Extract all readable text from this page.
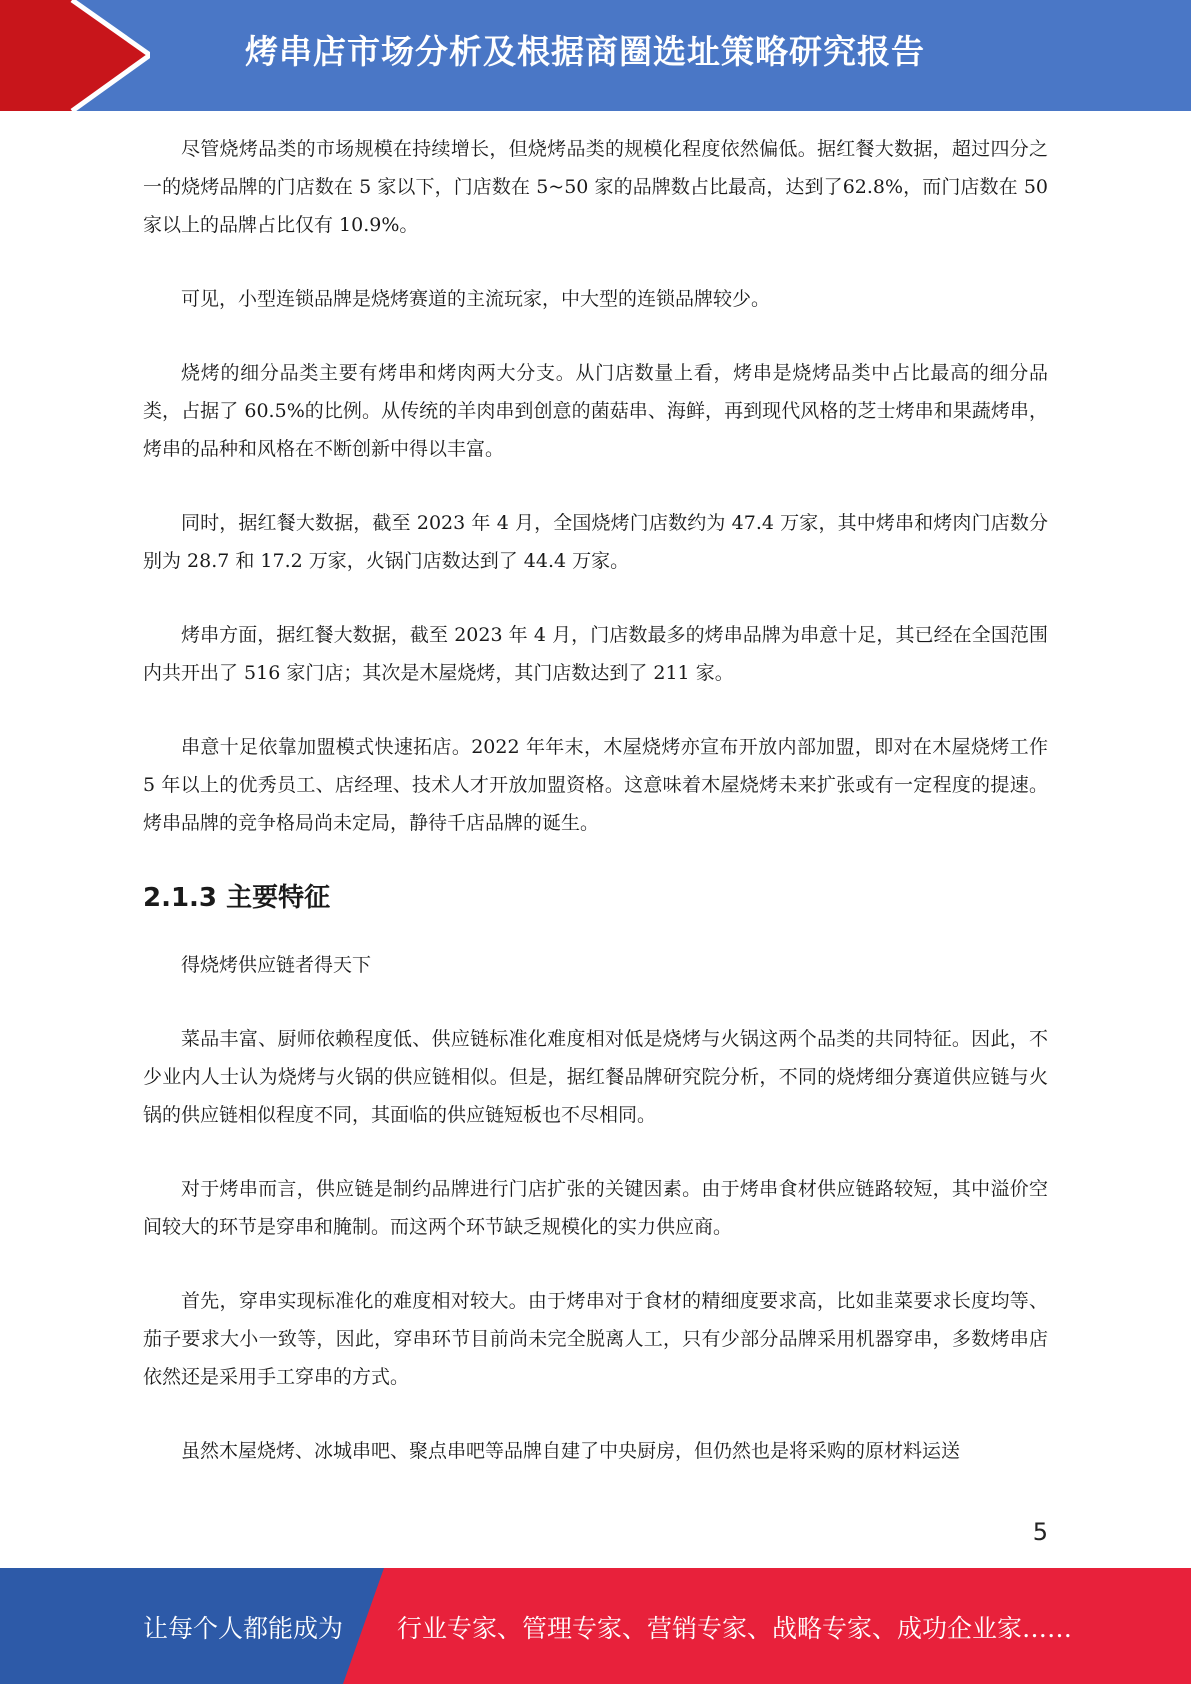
烤串店市场分析及根据商圈选址策略研究报告

尽管烧烤品类的市场规模在持续增长，但烧烤品类的规模化程度依然偏低。据红餐大数据，超过四分之一的烧烤品牌的门店数在 5 家以下，门店数在 5~50 家的品牌数占比最高，达到了62.8%，而门店数在 50 家以上的品牌占比仅有 10.9%。

可见，小型连锁品牌是烧烤赛道的主流玩家，中大型的连锁品牌较少。

烧烤的细分品类主要有烤串和烤肉两大分支。从门店数量上看，烤串是烧烤品类中占比最高的细分品类，占据了 60.5%的比例。从传统的羊肉串到创意的菌菇串、海鲜，再到现代风格的芝士烤串和果蔬烤串，烤串的品种和风格在不断创新中得以丰富。

同时，据红餐大数据，截至 2023 年 4 月，全国烧烤门店数约为 47.4 万家，其中烤串和烤肉门店数分别为 28.7 和 17.2 万家，火锅门店数达到了 44.4 万家。

烤串方面，据红餐大数据，截至 2023 年 4 月，门店数最多的烤串品牌为串意十足，其已经在全国范围内共开出了 516 家门店；其次是木屋烧烤，其门店数达到了 211 家。

串意十足依靠加盟模式快速拓店。2022 年年末，木屋烧烤亦宣布开放内部加盟，即对在木屋烧烤工作 5 年以上的优秀员工、店经理、技术人才开放加盟资格。这意味着木屋烧烤未来扩张或有一定程度的提速。烤串品牌的竞争格局尚未定局，静待千店品牌的诞生。

2.1.3 主要特征

得烧烤供应链者得天下

菜品丰富、厨师依赖程度低、供应链标准化难度相对低是烧烤与火锅这两个品类的共同特征。因此，不少业内人士认为烧烤与火锅的供应链相似。但是，据红餐品牌研究院分析，不同的烧烤细分赛道供应链与火锅的供应链相似程度不同，其面临的供应链短板也不尽相同。

对于烤串而言，供应链是制约品牌进行门店扩张的关键因素。由于烤串食材供应链路较短，其中溢价空间较大的环节是穿串和腌制。而这两个环节缺乏规模化的实力供应商。

首先，穿串实现标准化的难度相对较大。由于烤串对于食材的精细度要求高，比如韭菜要求长度均等、茄子要求大小一致等，因此，穿串环节目前尚未完全脱离人工，只有少部分品牌采用机器穿串，多数烤串店依然还是采用手工穿串的方式。

虽然木屋烧烤、冰城串吧、聚点串吧等品牌自建了中央厨房，但仍然也是将采购的原材料运送

5
让每个人都能成为 行业专家、管理专家、营销专家、战略专家、成功企业家……
